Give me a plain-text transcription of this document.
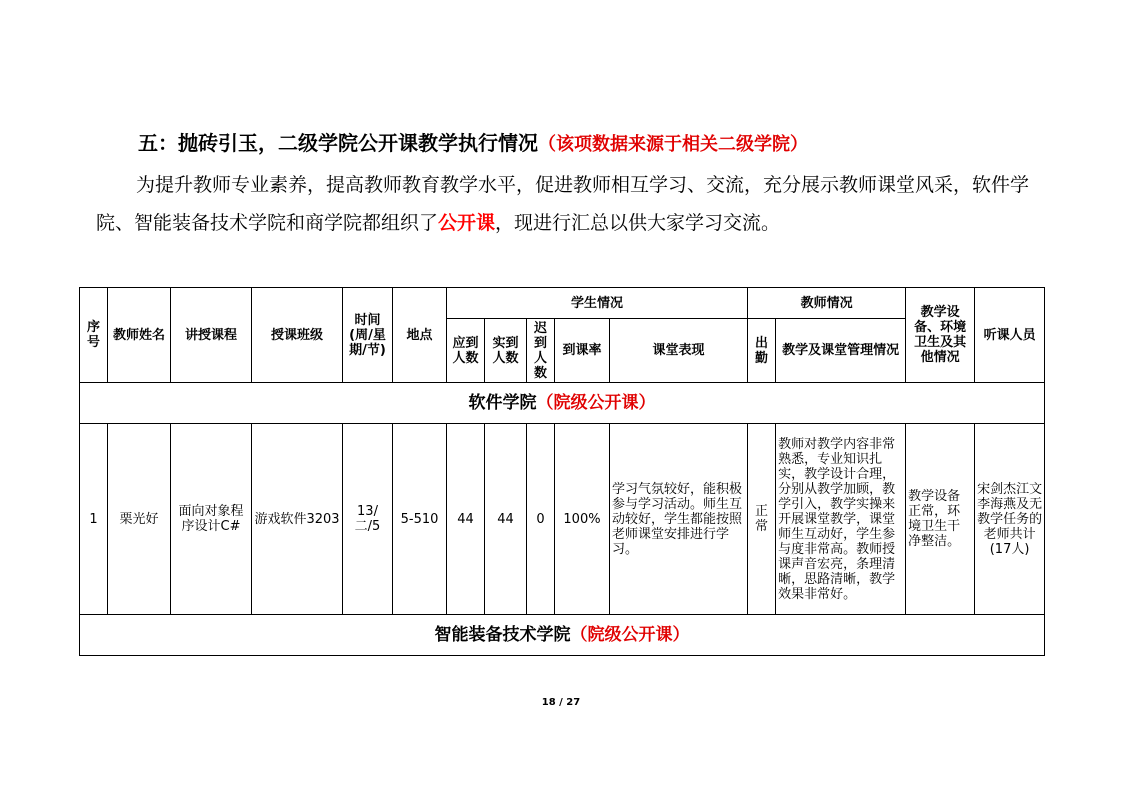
五：抛砖引玉，二级学院公开课教学执行情况（该项数据来源于相关二级学院）
为提升教师专业素养，提高教师教育教学水平，促进教师相互学习、交流，充分展示教师课堂风采，软件学院、智能装备技术学院和商学院都组织了公开课，现进行汇总以供大家学习交流。
序号	教师姓名	讲授课程	授课班级	时间(周/星期/节)	地点	学生情况					教师情况		教学设备、环境卫生及其他情况	听课人员
						应到人数	实到人数	迟到人数	到课率	课堂表现	出勤	教学及课堂管理情况		
软件学院（院级公开课）														
1	栗光好	面向对象程序设计C#	游戏软件3203	13/二/5	5-510	44	44	0	100%	学习气氛较好，能积极参与学习活动。师生互动较好，学生都能按照老师课堂安排进行学习。	正常	教师对教学内容非常熟悉，专业知识扎实，教学设计合理，分别从教学加顾，教学引入，教学实操来开展课堂教学，课堂师生互动好，学生参与度非常高。教师授课声音宏亮，条理清晰，思路清晰，教学效果非常好。	教学设备正常，环境卫生干净整洁。	宋剑杰江文李海燕及无教学任务的老师共计(17人)
智能装备技术学院（院级公开课）														
18 / 27
